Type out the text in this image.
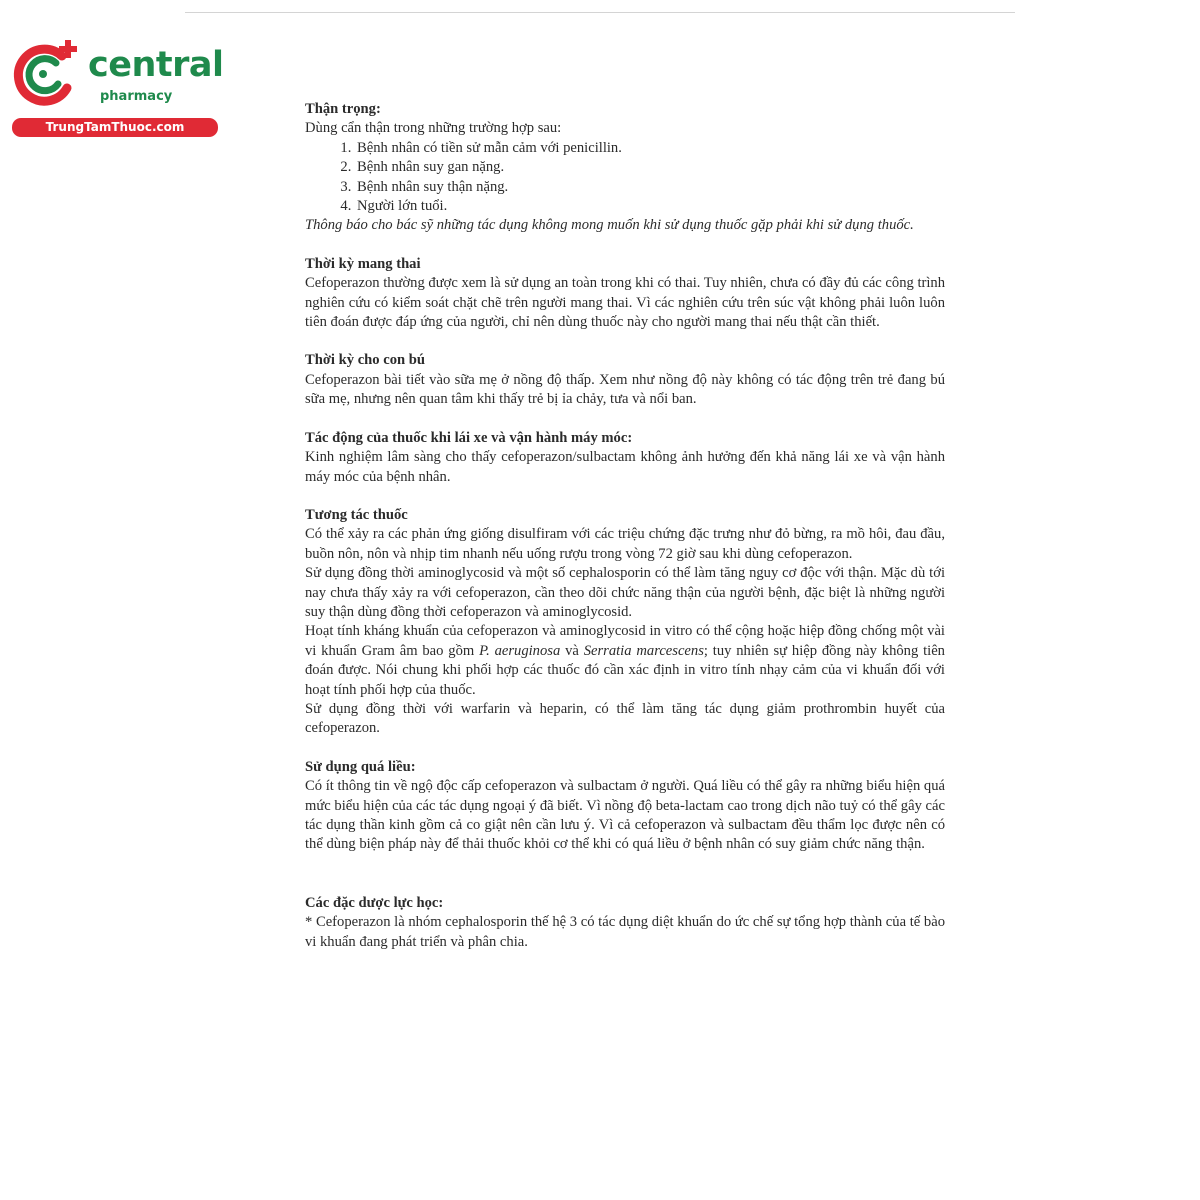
central
pharmacy
TrungTamThuoc.com

Thận trọng:

Dùng cẩn thận trong những trường hợp sau:

1. Bệnh nhân có tiền sử mẫn cảm với penicillin.
2. Bệnh nhân suy gan nặng.
3. Bệnh nhân suy thận nặng.
4. Người lớn tuổi.

Thông báo cho bác sỹ những tác dụng không mong muốn khi sử dụng thuốc gặp phải khi sử dụng thuốc.

Thời kỳ mang thai

Cefoperazon thường được xem là sử dụng an toàn trong khi có thai. Tuy nhiên, chưa có đầy đủ các công trình nghiên cứu có kiểm soát chặt chẽ trên người mang thai. Vì các nghiên cứu trên súc vật không phải luôn luôn tiên đoán được đáp ứng của người, chỉ nên dùng thuốc này cho người mang thai nếu thật cần thiết.

Thời kỳ cho con bú

Cefoperazon bài tiết vào sữa mẹ ở nồng độ thấp. Xem như nồng độ này không có tác động trên trẻ đang bú sữa mẹ, nhưng nên quan tâm khi thấy trẻ bị ỉa chảy, tưa và nổi ban.

Tác động của thuốc khi lái xe và vận hành máy móc:

Kinh nghiệm lâm sàng cho thấy cefoperazon/sulbactam không ảnh hưởng đến khả năng lái xe và vận hành máy móc của bệnh nhân.

Tương tác thuốc

Có thể xảy ra các phản ứng giống disulfiram với các triệu chứng đặc trưng như đỏ bừng, ra mồ hôi, đau đầu, buồn nôn, nôn và nhịp tim nhanh nếu uống rượu trong vòng 72 giờ sau khi dùng cefoperazon.

Sử dụng đồng thời aminoglycosid và một số cephalosporin có thể làm tăng nguy cơ độc với thận. Mặc dù tới nay chưa thấy xảy ra với cefoperazon, cần theo dõi chức năng thận của người bệnh, đặc biệt là những người suy thận dùng đồng thời cefoperazon và aminoglycosid.

Hoạt tính kháng khuẩn của cefoperazon và aminoglycosid in vitro có thể cộng hoặc hiệp đồng chống một vài vi khuẩn Gram âm bao gồm P. aeruginosa và Serratia marcescens; tuy nhiên sự hiệp đồng này không tiên đoán được. Nói chung khi phối hợp các thuốc đó cần xác định in vitro tính nhạy cảm của vi khuẩn đối với hoạt tính phối hợp của thuốc.

Sử dụng đồng thời với warfarin và heparin, có thể làm tăng tác dụng giảm prothrombin huyết của cefoperazon.

Sử dụng quá liều:

Có ít thông tin về ngộ độc cấp cefoperazon và sulbactam ở người. Quá liều có thể gây ra những biểu hiện quá mức biểu hiện của các tác dụng ngoại ý đã biết. Vì nồng độ beta-lactam cao trong dịch não tuỷ có thể gây các tác dụng thần kinh gồm cả co giật nên cần lưu ý. Vì cả cefoperazon và sulbactam đều thẩm lọc được nên có thể dùng biện pháp này để thải thuốc khỏi cơ thể khi có quá liều ở bệnh nhân có suy giảm chức năng thận.

Các đặc dược lực học:

* Cefoperazon là nhóm cephalosporin thế hệ 3 có tác dụng diệt khuẩn do ức chế sự tổng hợp thành của tế bào vi khuẩn đang phát triển và phân chia.
